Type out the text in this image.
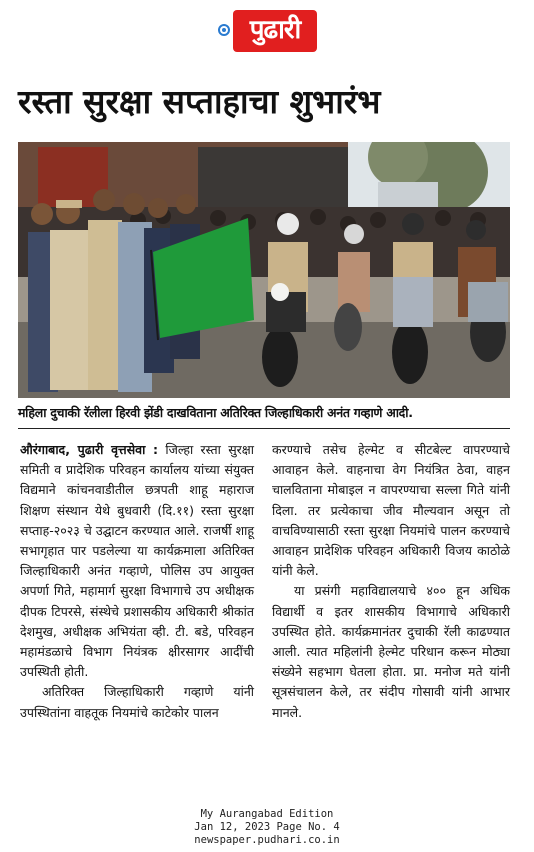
पुढारी
रस्ता सुरक्षा सप्ताहाचा शुभारंभ
महिला दुचाकी रॅलीला हिरवी झेंडी दाखविताना अतिरिक्त जिल्हाधिकारी अनंत गव्हाणे आदी.

औरंगाबाद, पुढारी वृत्तसेवा : जिल्हा रस्ता सुरक्षा समिती व प्रादेशिक परिवहन कार्यालय यांच्या संयुक्त विद्यमाने कांचनवाडीतील छत्रपती शाहू महाराज शिक्षण संस्थान येथे बुधवारी (दि.११) रस्ता सुरक्षा सप्ताह-२०२३ चे उद्घाटन करण्यात आले. राजर्षी शाहू सभागृहात पार पडलेल्या या कार्यक्रमाला अतिरिक्त जिल्हाधिकारी अनंत गव्हाणे, पोलिस उप आयुक्त अपर्णा गिते, महामार्ग सुरक्षा विभागाचे उप अधीक्षक दीपक टिपरसे, संस्थेचे प्रशासकीय अधिकारी श्रीकांत देशमुख, अधीक्षक अभियंता व्ही. टी. बडे, परिवहन महामंडळाचे विभाग नियंत्रक क्षीरसागर आदींची उपस्थिती होती.

अतिरिक्त जिल्हाधिकारी गव्हाणे यांनी उपस्थितांना वाहतूक नियमांचे काटेकोर पालन

करण्याचे तसेच हेल्मेट व सीटबेल्ट वापरण्याचे आवाहन केले. वाहनाचा वेग नियंत्रित ठेवा, वाहन चालविताना मोबाइल न वापरण्याचा सल्ला गिते यांनी दिला. तर प्रत्येकाचा जीव मौल्यवान असून तो वाचविण्यासाठी रस्ता सुरक्षा नियमांचे पालन करण्याचे आवाहन प्रादेशिक परिवहन अधिकारी विजय काठोळे यांनी केले.

या प्रसंगी महाविद्यालयाचे ४०० हून अधिक विद्यार्थी व इतर शासकीय विभागाचे अधिकारी उपस्थित होते. कार्यक्रमानंतर दुचाकी रॅली काढण्यात आली. त्यात महिलांनी हेल्मेट परिधान करून मोठ्या संख्येने सहभाग घेतला होता. प्रा. मनोज मते यांनी सूत्रसंचालन केले, तर संदीप गोसावी यांनी आभार मानले.

My Aurangabad Edition
Jan 12, 2023 Page No. 4
newspaper.pudhari.co.in
